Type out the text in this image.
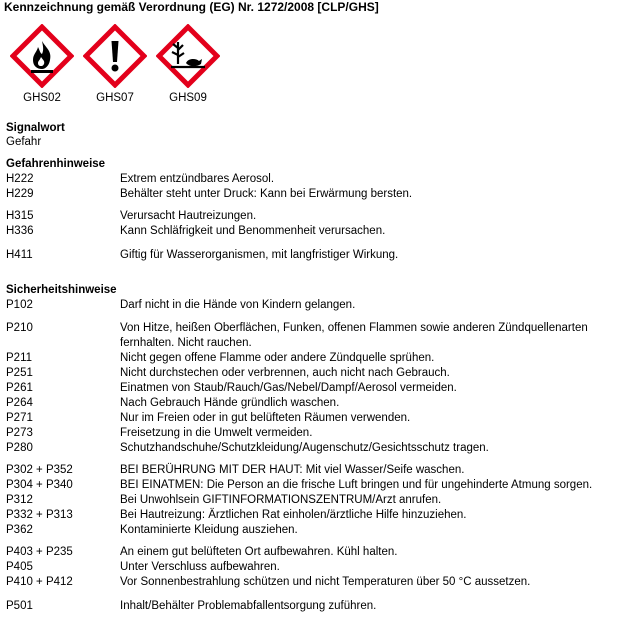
Kennzeichnung gemäß Verordnung (EG) Nr. 1272/2008 [CLP/GHS]
GHS02	GHS07	GHS09
Signalwort
Gefahr
Gefahrenhinweise
H222	Extrem entzündbares Aerosol.
H229	Behälter steht unter Druck: Kann bei Erwärmung bersten.
H315	Verursacht Hautreizungen.
H336	Kann Schläfrigkeit und Benommenheit verursachen.
H411	Giftig für Wasserorganismen, mit langfristiger Wirkung.
Sicherheitshinweise
P102	Darf nicht in die Hände von Kindern gelangen.
P210	Von Hitze, heißen Oberflächen, Funken, offenen Flammen sowie anderen Zündquellenarten
fernhalten. Nicht rauchen.
P211	Nicht gegen offene Flamme oder andere Zündquelle sprühen.
P251	Nicht durchstechen oder verbrennen, auch nicht nach Gebrauch.
P261	Einatmen von Staub/Rauch/Gas/Nebel/Dampf/Aerosol vermeiden.
P264	Nach Gebrauch Hände gründlich waschen.
P271	Nur im Freien oder in gut belüfteten Räumen verwenden.
P273	Freisetzung in die Umwelt vermeiden.
P280	Schutzhandschuhe/Schutzkleidung/Augenschutz/Gesichtsschutz tragen.
P302 + P352	BEI BERÜHRUNG MIT DER HAUT: Mit viel Wasser/Seife waschen.
P304 + P340	BEI EINATMEN: Die Person an die frische Luft bringen und für ungehinderte Atmung sorgen.
P312	Bei Unwohlsein GIFTINFORMATIONSZENTRUM/Arzt anrufen.
P332 + P313	Bei Hautreizung: Ärztlichen Rat einholen/ärztliche Hilfe hinzuziehen.
P362	Kontaminierte Kleidung ausziehen.
P403 + P235	An einem gut belüfteten Ort aufbewahren. Kühl halten.
P405	Unter Verschluss aufbewahren.
P410 + P412	Vor Sonnenbestrahlung schützen und nicht Temperaturen über 50 °C aussetzen.
P501	Inhalt/Behälter Problemabfallentsorgung zuführen.
